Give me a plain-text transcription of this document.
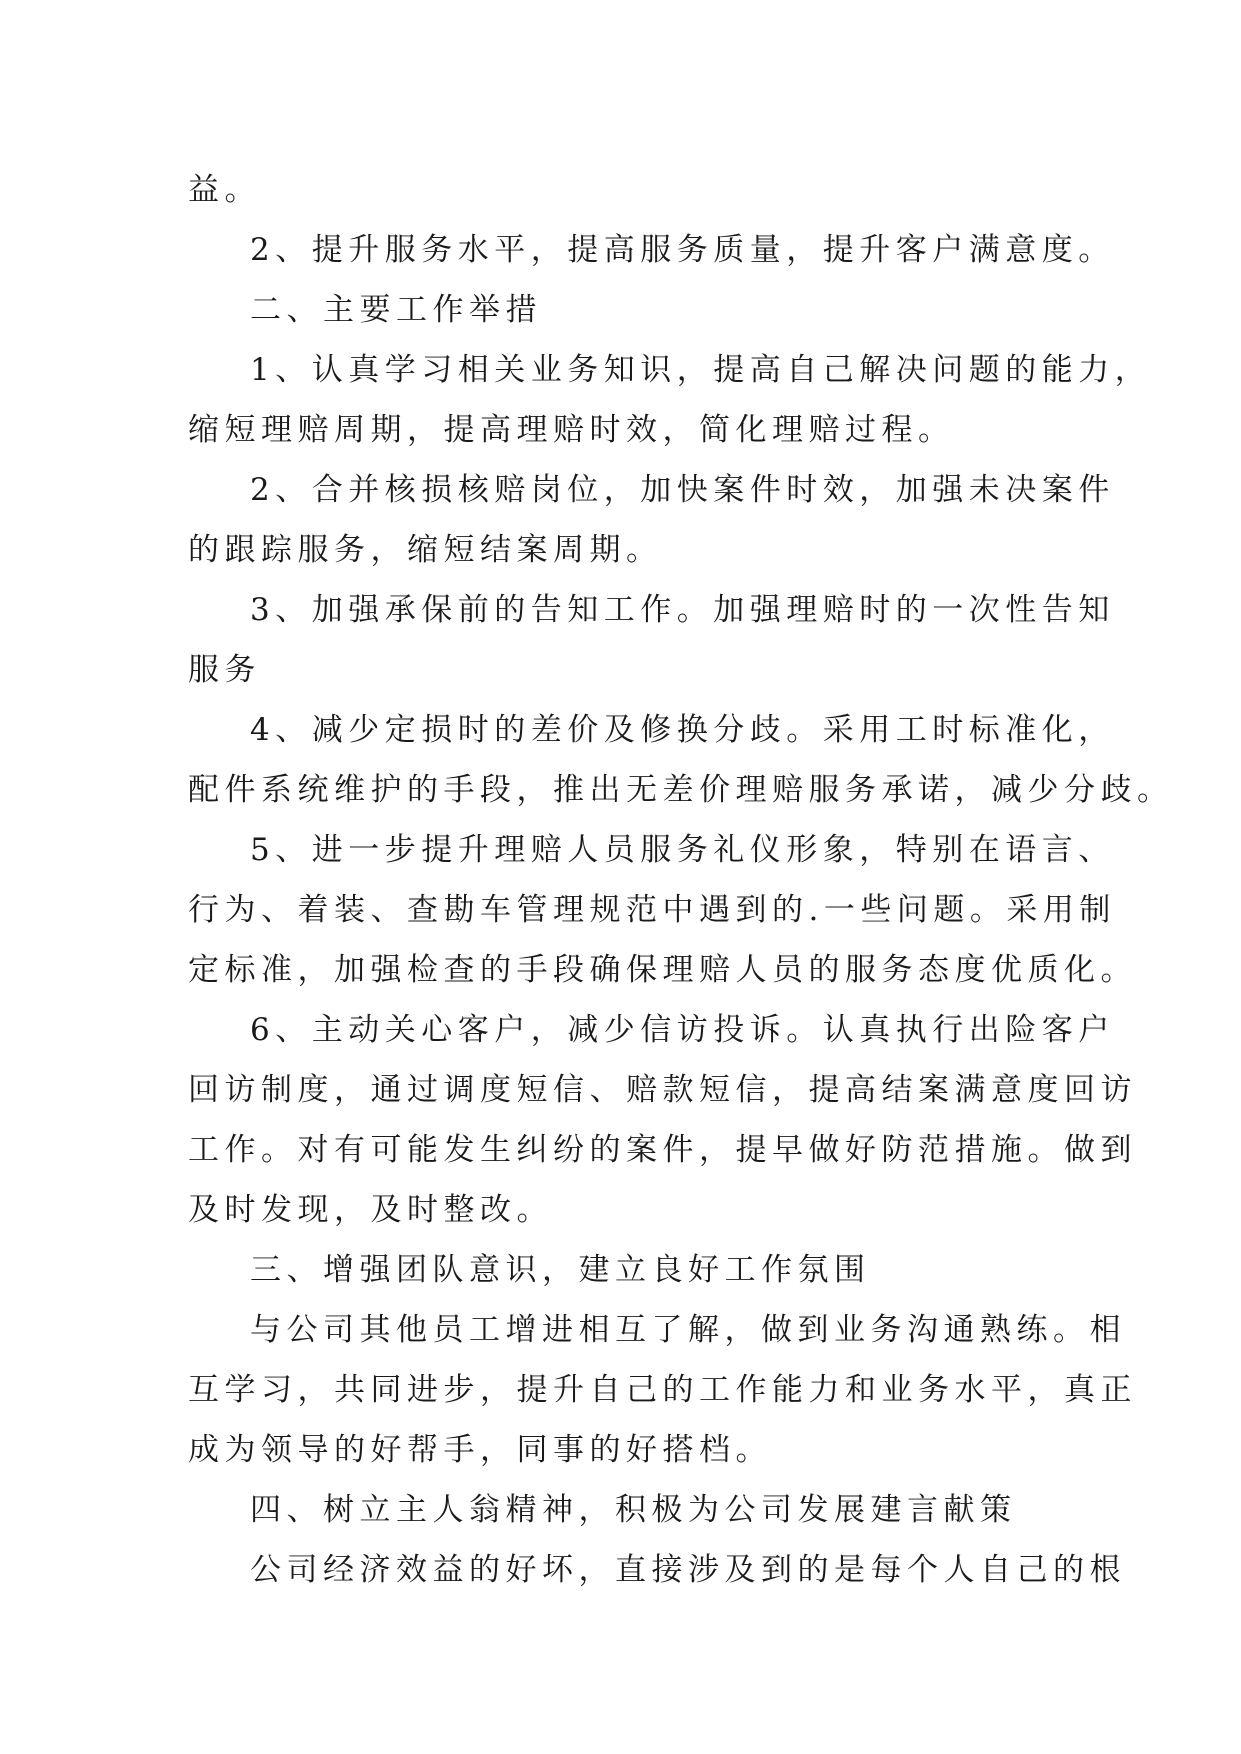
益。

2、提升服务水平，提高服务质量，提升客户满意度。

二、主要工作举措

1、认真学习相关业务知识，提高自己解决问题的能力，

缩短理赔周期，提高理赔时效，简化理赔过程。

2、合并核损核赔岗位，加快案件时效，加强未决案件

的跟踪服务，缩短结案周期。

3、加强承保前的告知工作。加强理赔时的一次性告知

服务

4、减少定损时的差价及修换分歧。采用工时标准化，

配件系统维护的手段，推出无差价理赔服务承诺，减少分歧。

5、进一步提升理赔人员服务礼仪形象，特别在语言、

行为、着装、查勘车管理规范中遇到的.一些问题。采用制

定标准，加强检查的手段确保理赔人员的服务态度优质化。

6、主动关心客户，减少信访投诉。认真执行出险客户

回访制度，通过调度短信、赔款短信，提高结案满意度回访

工作。对有可能发生纠纷的案件，提早做好防范措施。做到

及时发现，及时整改。

三、增强团队意识，建立良好工作氛围

与公司其他员工增进相互了解，做到业务沟通熟练。相

互学习，共同进步，提升自己的工作能力和业务水平，真正

成为领导的好帮手，同事的好搭档。

四、树立主人翁精神，积极为公司发展建言献策

公司经济效益的好坏，直接涉及到的是每个人自己的根
